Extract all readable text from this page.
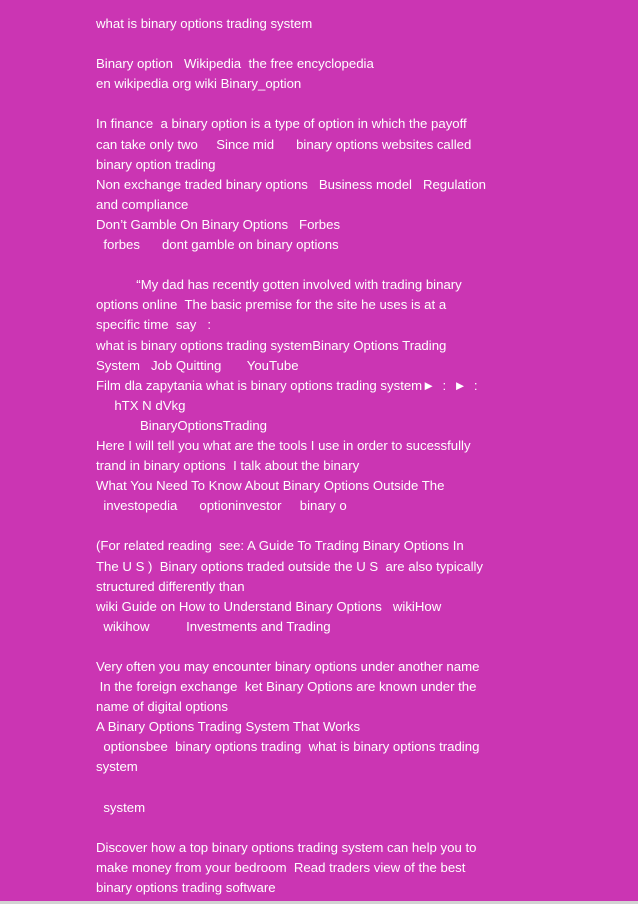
what is binary options trading system
Binary option   Wikipedia  the free encyclopedia
en wikipedia org wiki Binary_option
In finance  a binary option is a type of option in which the payoff
can take only two     Since mid      binary options websites called
binary option trading
Non exchange traded binary options   Business model   Regulation
and compliance
Don’t Gamble On Binary Options   Forbes
forbes      dont gamble on binary options
“My dad has recently gotten involved with trading binary
options online  The basic premise for the site he uses is at a
specific time  say   :
what is binary options trading systemBinary Options Trading
System   Job Quitting       YouTube
Film dla zapytania what is binary options trading system►  :  ►  :
hTX N dVkg
BinaryOptionsTrading
Here I will tell you what are the tools I use in order to sucessfully
trand in binary options  I talk about the binary
What You Need To Know About Binary Options Outside The
investopedia      optioninvestor     binary o
(For related reading  see: A Guide To Trading Binary Options In
The U S )  Binary options traded outside the U S  are also typically
structured differently than
wiki Guide on How to Understand Binary Options   wikiHow
wikihow          Investments and Trading
Very often you may encounter binary options under another name
In the foreign exchange  ket Binary Options are known under the
name of digital options
A Binary Options Trading System That Works
optionsbee  binary options trading  what is binary options trading
system
system
Discover how a top binary options trading system can help you to
make money from your bedroom  Read traders view of the best
binary options trading software
